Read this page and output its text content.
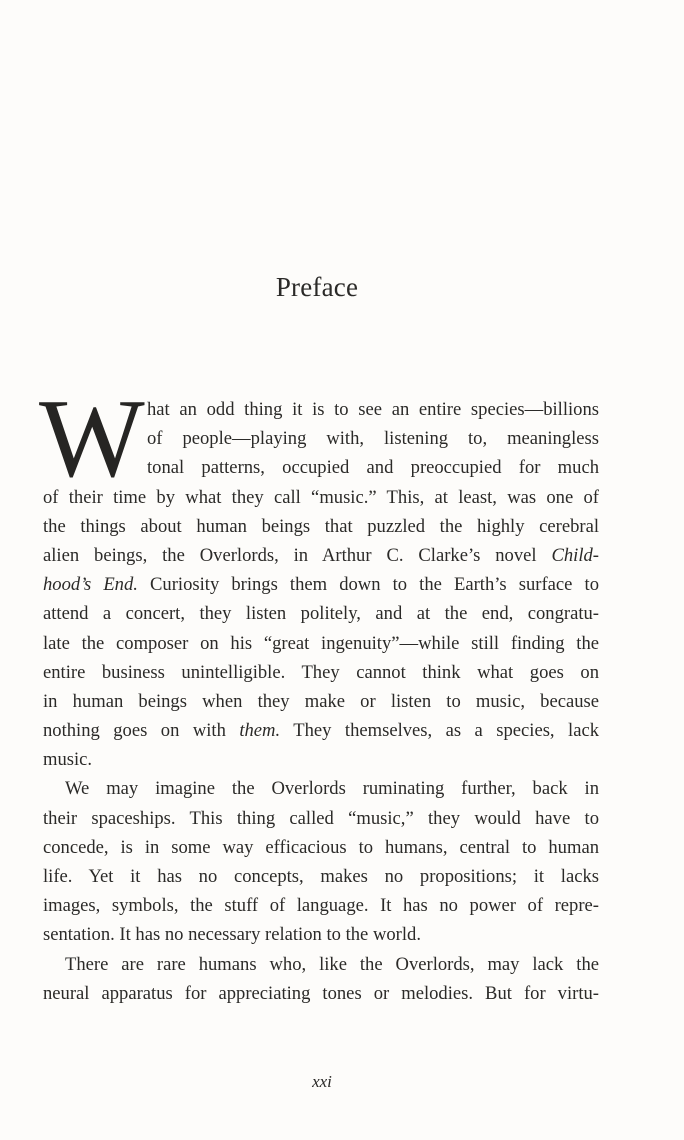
Preface
W hat an odd thing it is to see an entire species—billions
of people—playing with, listening to, meaningless
tonal patterns, occupied and preoccupied for much
of their time by what they call “music.” This, at least, was one of
the things about human beings that puzzled the highly cerebral
alien beings, the Overlords, in Arthur C. Clarke’s novel Child-
hood’s End. Curiosity brings them down to the Earth’s surface to
attend a concert, they listen politely, and at the end, congratu-
late the composer on his “great ingenuity”—while still finding the
entire business unintelligible. They cannot think what goes on
in human beings when they make or listen to music, because
nothing goes on with them. They themselves, as a species, lack
music.
We may imagine the Overlords ruminating further, back in
their spaceships. This thing called “music,” they would have to
concede, is in some way efficacious to humans, central to human
life. Yet it has no concepts, makes no propositions; it lacks
images, symbols, the stuff of language. It has no power of repre-
sentation. It has no necessary relation to the world.
There are rare humans who, like the Overlords, may lack the
neural apparatus for appreciating tones or melodies. But for virtu-
xxi
